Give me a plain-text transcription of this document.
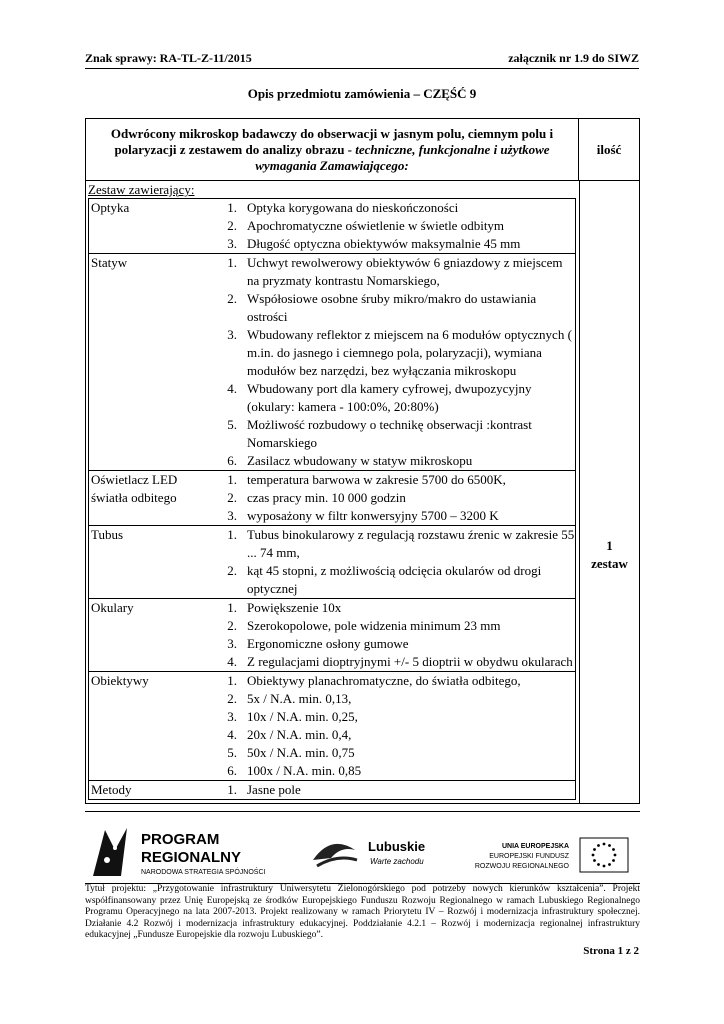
Znak sprawy: RA-TL-Z-11/2015	załącznik nr 1.9 do SIWZ
Opis przedmiotu zamówienia – CZĘŚĆ 9
Odwrócony mikroskop badawczy do obserwacji w jasnym polu, ciemnym polu i polaryzacji z zestawem do analizy obrazu - techniczne, funkcjonalne i użytkowe wymagania Zamawiającego:
ilość
1
zestaw
Zestaw zawierający:
Optyka	1. Optyka korygowana do nieskończoności
2. Apochromatyczne oświetlenie w świetle odbitym
3. Długość optyczna obiektywów maksymalnie 45 mm
Statyw	1. Uchwyt rewolwerowy obiektywów 6 gniazdowy z miejscem na pryzmaty kontrastu Nomarskiego,
2. Współosiowe osobne śruby mikro/makro do ustawiania ostrości
3. Wbudowany reflektor z miejscem na 6 modułów optycznych ( m.in. do jasnego i ciemnego pola, polaryzacji), wymiana modułów bez narzędzi, bez wyłączania mikroskopu
4. Wbudowany port dla kamery cyfrowej, dwupozycyjny (okulary: kamera - 100:0%, 20:80%)
5. Możliwość rozbudowy o technikę obserwacji :kontrast Nomarskiego
6. Zasilacz wbudowany w statyw mikroskopu
Oświetlacz LED światła odbitego
1. temperatura barwowa w zakresie 5700 do 6500K,
2. czas pracy min. 10 000 godzin
3. wyposażony w filtr konwersyjny 5700 – 3200 K
Tubus	1. Tubus binokularowy z regulacją rozstawu źrenic w zakresie 55 ... 74 mm,
2. kąt 45 stopni, z możliwością odcięcia okularów od drogi optycznej
Okulary	1. Powiększenie 10x
2. Szerokopolowe, pole widzenia minimum 23 mm
3. Ergonomiczne osłony gumowe
4. Z regulacjami dioptryjnymi +/- 5 dioptrii w obydwu okularach
Obiektywy	1. Obiektywy planachromatyczne, do światła odbitego,
2. 5x / N.A. min. 0,13,
3. 10x / N.A. min. 0,25,
4. 20x / N.A. min. 0,4,
5. 50x / N.A. min. 0,75
6. 100x / N.A. min. 0,85
Metody	1. Jasne pole
PROGRAM
REGIONALNY
NARODOWA STRATEGIA SPÓJNOŚCI
Lubuskie
Warte zachodu
UNIA EUROPEJSKA
EUROPEJSKI FUNDUSZ
ROZWOJU REGIONALNEGO
Tytuł projektu: „Przygotowanie infrastruktury Uniwersytetu Zielonogórskiego pod potrzeby nowych kierunków kształcenia”. Projekt współfinansowany przez Unię Europejską ze środków Europejskiego Funduszu Rozwoju Regionalnego w ramach Lubuskiego Regionalnego Programu Operacyjnego na lata 2007-2013. Projekt realizowany w ramach Priorytetu IV – Rozwój i modernizacja infrastruktury społecznej. Działanie 4.2 Rozwój i modernizacja infrastruktury edukacyjnej. Poddziałanie 4.2.1 – Rozwój i modernizacja regionalnej infrastruktury edukacyjnej „Fundusze Europejskie dla rozwoju Lubuskiego”.
Strona 1 z 2
